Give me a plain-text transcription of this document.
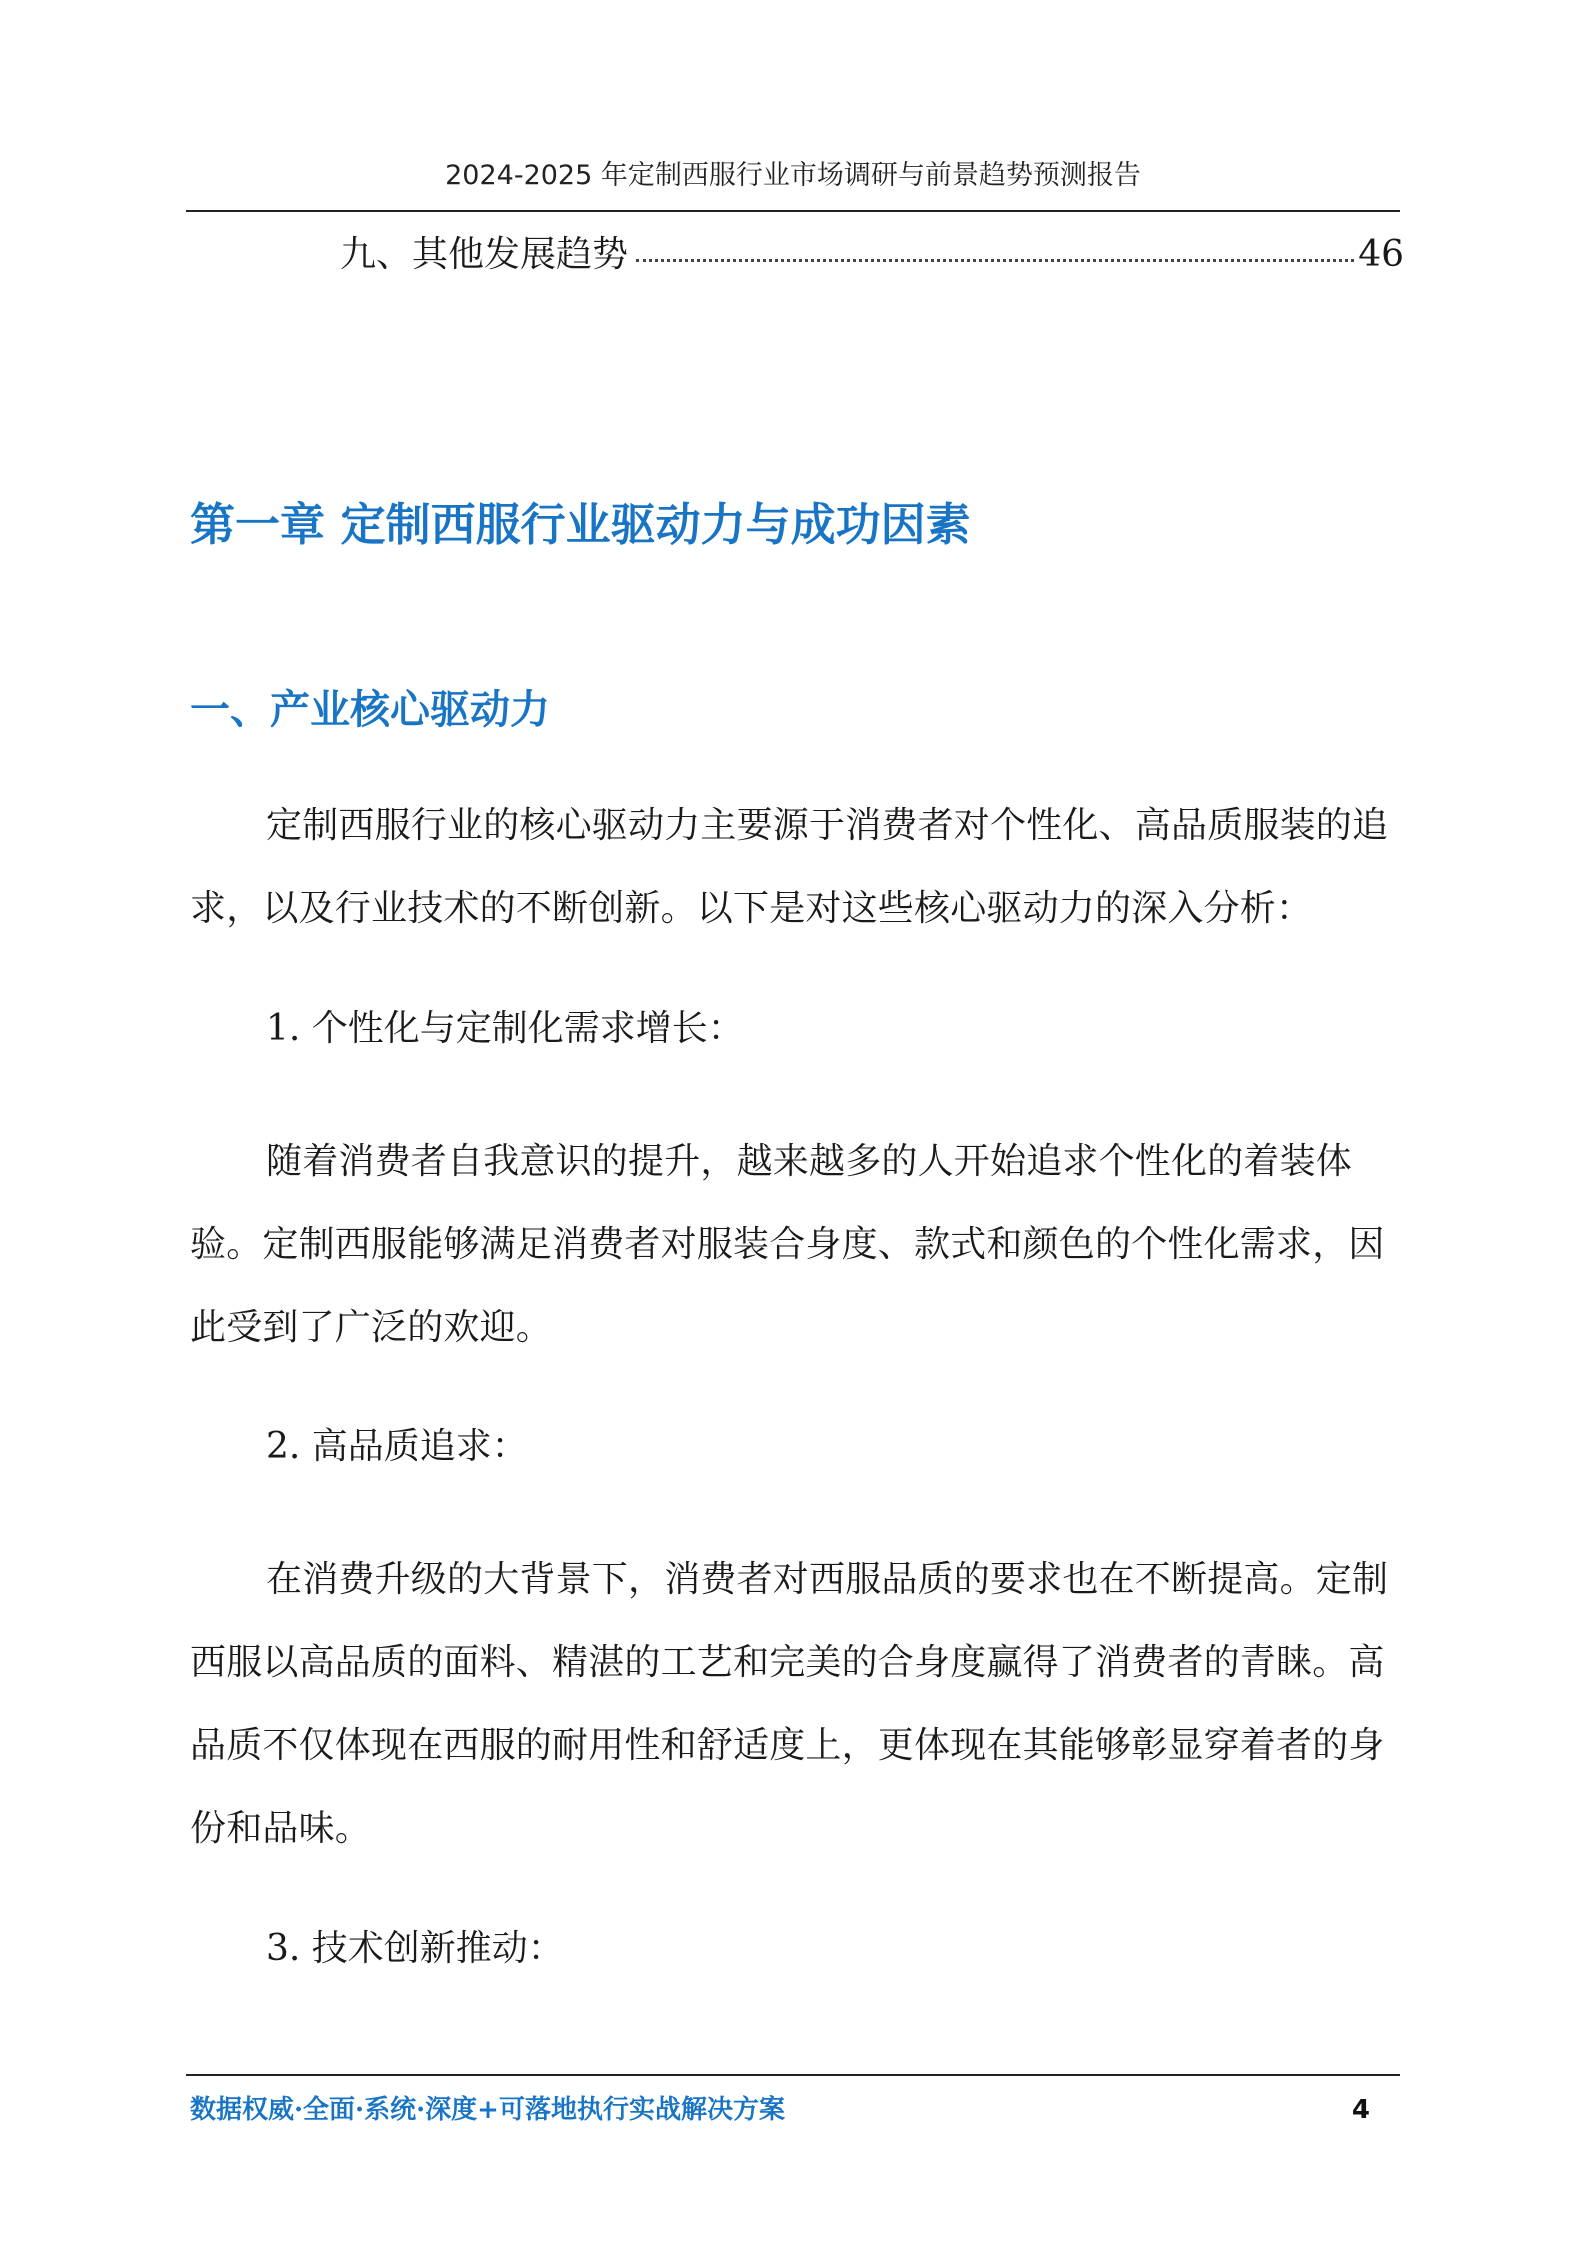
2024-2025 年定制西服行业市场调研与前景趋势预测报告
九、其他发展趋势	46
第一章 定制西服行业驱动力与成功因素
一、产业核心驱动力

定制西服行业的核心驱动力主要源于消费者对个性化、高品质服装的追求，以及行业技术的不断创新。以下是对这些核心驱动力的深入分析：

1. 个性化与定制化需求增长：

随着消费者自我意识的提升，越来越多的人开始追求个性化的着装体验。定制西服能够满足消费者对服装合身度、款式和颜色的个性化需求，因此受到了广泛的欢迎。

2. 高品质追求：

在消费升级的大背景下，消费者对西服品质的要求也在不断提高。定制西服以高品质的面料、精湛的工艺和完美的合身度赢得了消费者的青睐。高品质不仅体现在西服的耐用性和舒适度上，更体现在其能够彰显穿着者的身份和品味。

3. 技术创新推动：

数据权威·全面·系统·深度+可落地执行实战解决方案	4
